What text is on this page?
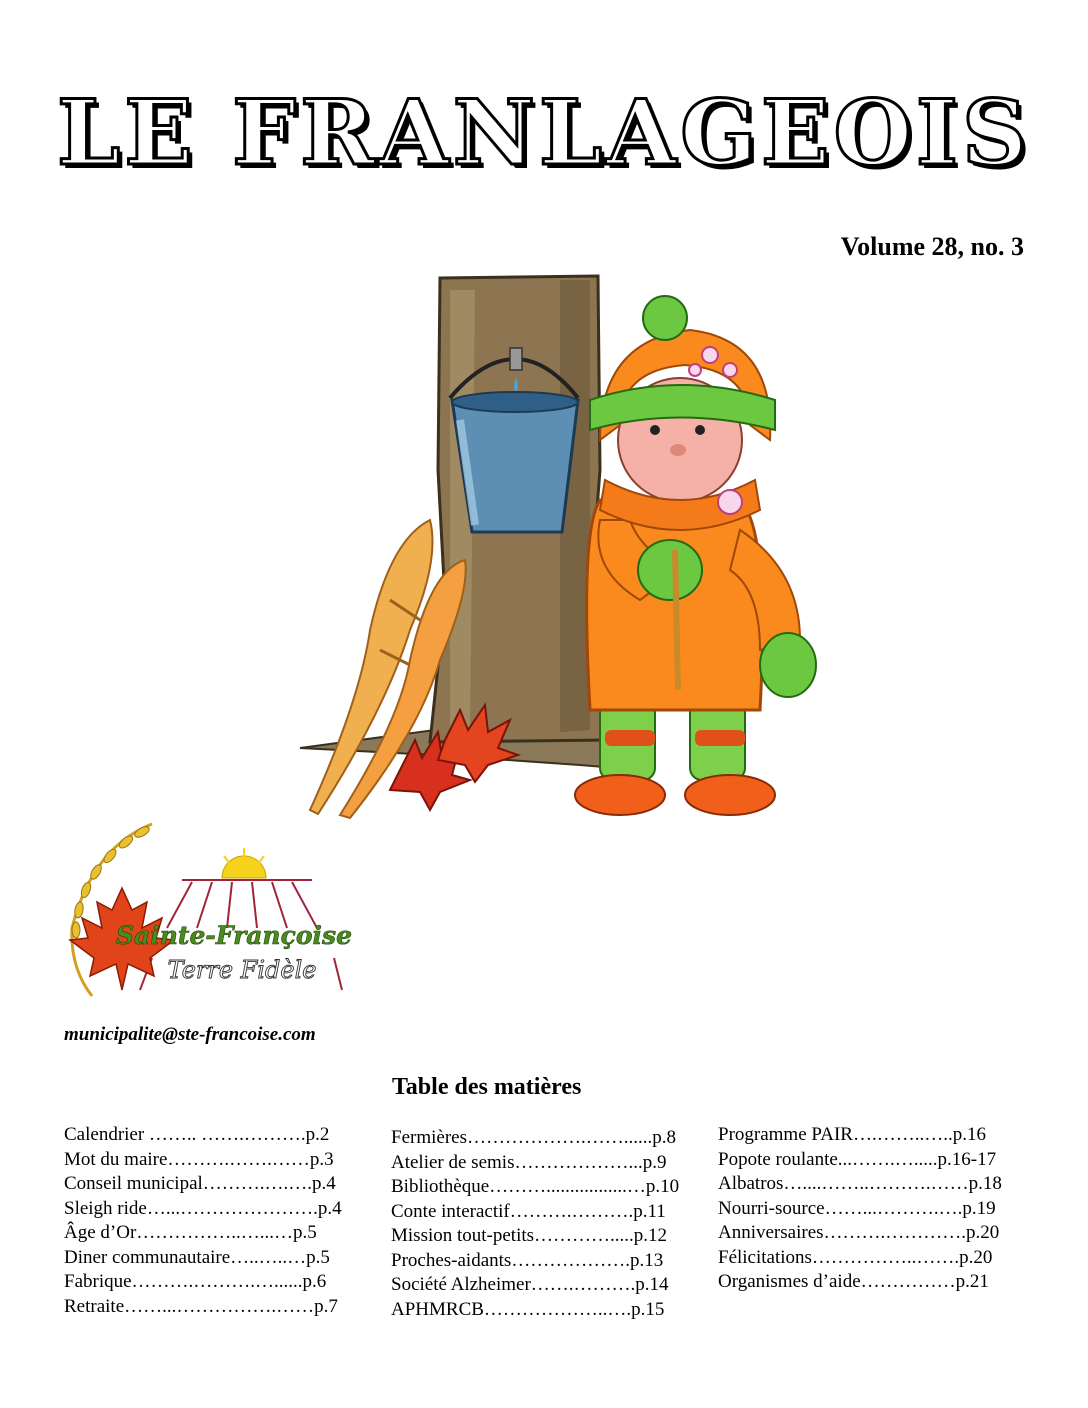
LE FRANLAGEOIS
Volume 28, no. 3
Sainte-Françoise
Terre Fidèle
municipalite@ste-francoise.com
Table des matières
Calendrier …….. …….……….p.2
Mot du maire……….…….……p.3
Conseil municipal……….….….p.4
Sleigh ride…...………………….p.4
Âge d’Or……………..…...…p.5
Diner communautaire…..…..…p.5
Fabrique……….……….…......p.6
Retraite……...…………….……p.7
Fermières……………….……......p.8
Atelier de semis………………...p.9
Bibliothèque……….................…p.10
Conte interactif……….……….p.11
Mission tout-petits………….....p.12
Proches-aidants……………….p.13
Société Alzheimer…….……….p.14
APHMRCB………………..….p.15
Programme PAIR….……..…..p.16
Popote roulante...…….….....p.16-17
Albatros…....……..……….……p.18
Nourri-source……...……….….p.19
Anniversaires……….………….p.20
Félicitations……………..…….p.20
Organismes d’aide……………p.21
